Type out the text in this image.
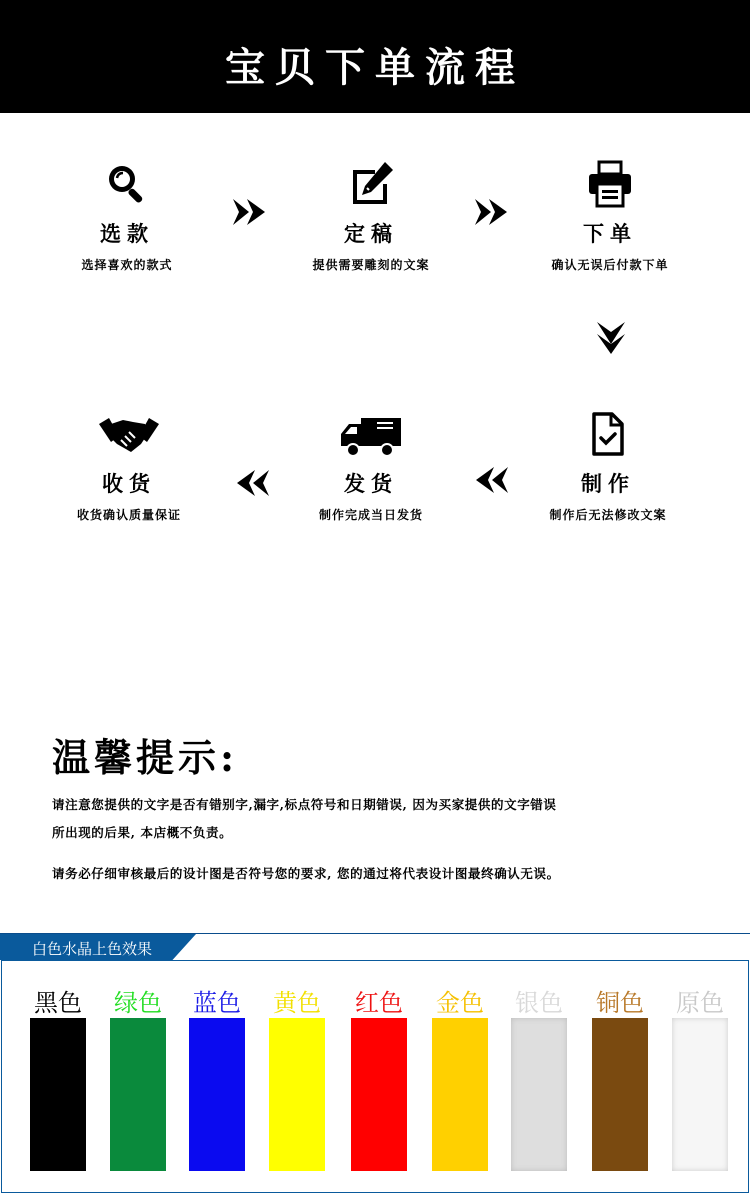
宝贝下单流程
选款
选择喜欢的款式
定稿
提供需要雕刻的文案
下单
确认无误后付款下单
制作
制作后无法修改文案
发货
制作完成当日发货
收货
收货确认质量保证
温馨提示:
请注意您提供的文字是否有错别字,漏字,标点符号和日期错误, 因为买家提供的文字错误
所出现的后果, 本店概不负责。
请务必仔细审核最后的设计图是否符号您的要求, 您的通过将代表设计图最终确认无误。
白色水晶上色效果
黑色	绿色	蓝色	黄色	红色	金色	银色	铜色	原色
